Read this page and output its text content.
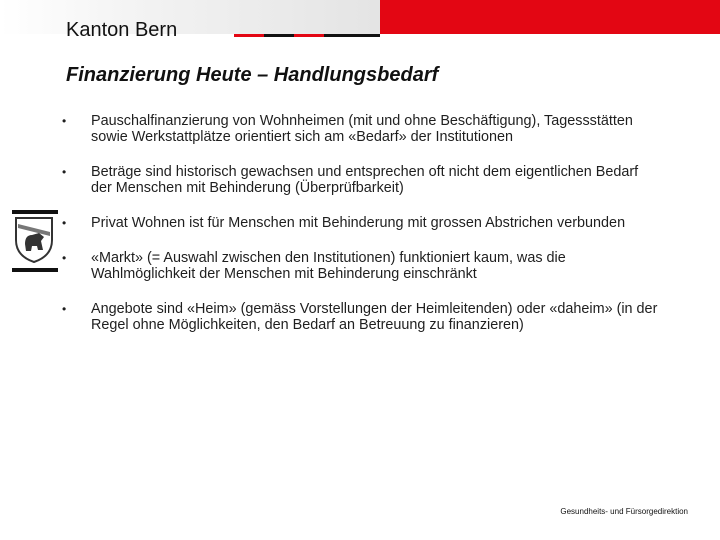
Kanton Bern
Finanzierung Heute – Handlungsbedarf
•	Pauschalfinanzierung von Wohnheimen (mit und ohne Beschäftigung), Tagessstätten sowie Werkstattplätze orientiert sich am «Bedarf» der Institutionen
•	Beträge sind historisch gewachsen und entsprechen oft nicht dem eigentlichen Bedarf der Menschen mit Behinderung (Überprüfbarkeit)
•	Privat Wohnen ist für Menschen mit Behinderung mit grossen Abstrichen verbunden
•	«Markt» (= Auswahl zwischen den Institutionen) funktioniert kaum, was die Wahlmöglichkeit der Menschen mit Behinderung einschränkt
•	Angebote sind «Heim» (gemäss Vorstellungen der Heimleitenden) oder «daheim» (in der Regel ohne Möglichkeiten, den Bedarf an Betreuung zu finanzieren)
Gesundheits- und Fürsorgedirektion
